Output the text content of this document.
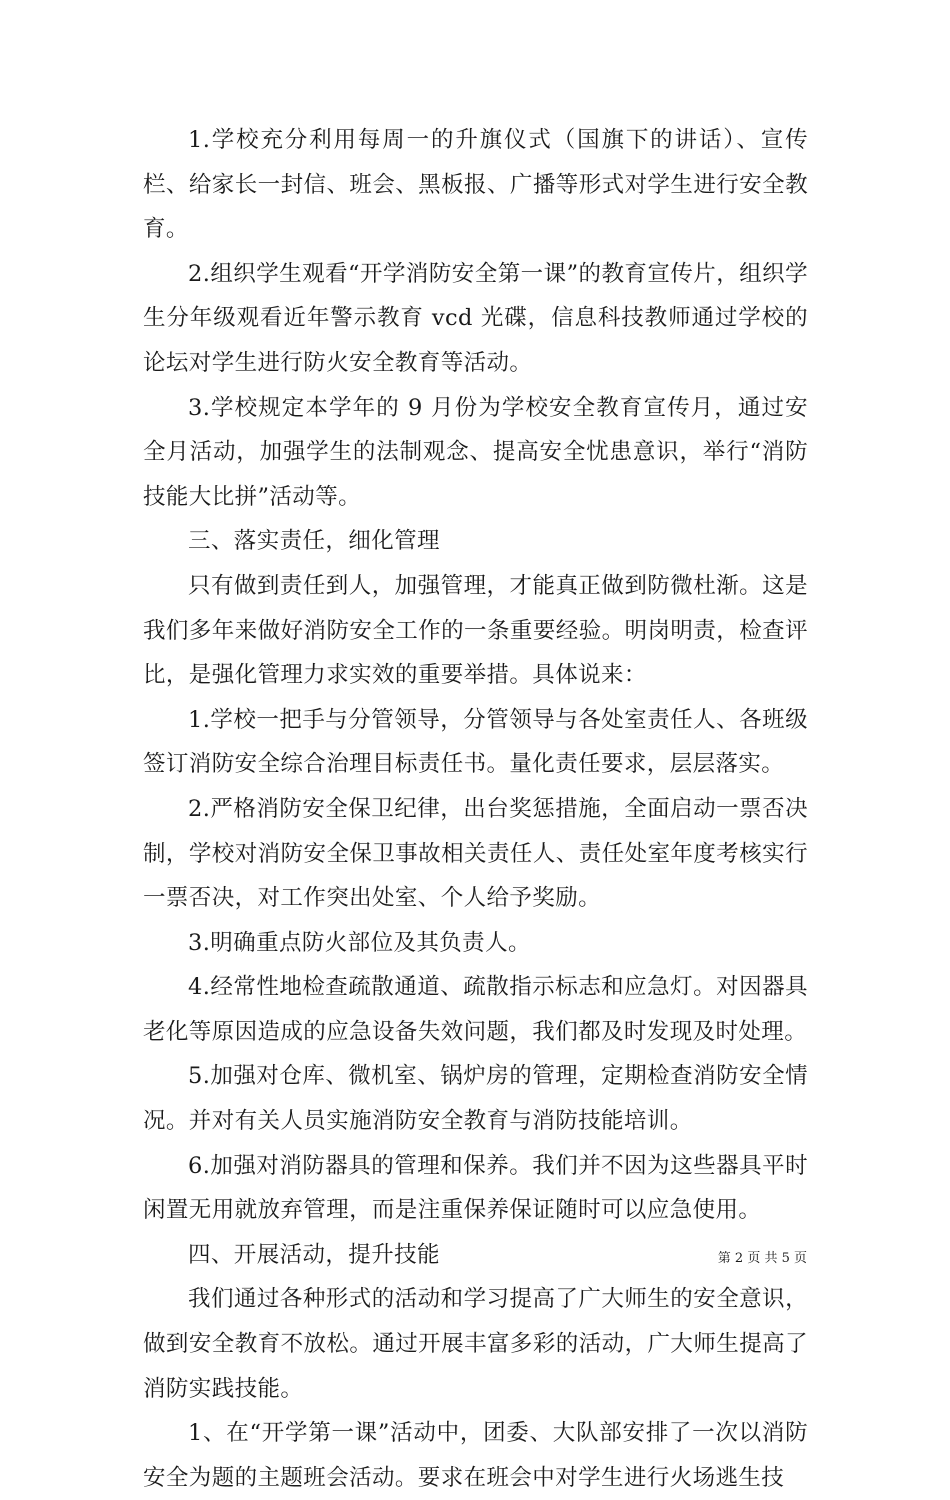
1.学校充分利用每周一的升旗仪式（国旗下的讲话）、宣传栏、给家长一封信、班会、黑板报、广播等形式对学生进行安全教育。

2.组织学生观看“开学消防安全第一课”的教育宣传片，组织学生分年级观看近年警示教育 vcd 光碟，信息科技教师通过学校的论坛对学生进行防火安全教育等活动。

3.学校规定本学年的 9 月份为学校安全教育宣传月，通过安全月活动，加强学生的法制观念、提高安全忧患意识，举行“消防技能大比拼”活动等。

三、落实责任，细化管理

只有做到责任到人，加强管理，才能真正做到防微杜渐。这是我们多年来做好消防安全工作的一条重要经验。明岗明责，检查评比，是强化管理力求实效的重要举措。具体说来：

1.学校一把手与分管领导，分管领导与各处室责任人、各班级签订消防安全综合治理目标责任书。量化责任要求，层层落实。

2.严格消防安全保卫纪律，出台奖惩措施，全面启动一票否决制，学校对消防安全保卫事故相关责任人、责任处室年度考核实行一票否决，对工作突出处室、个人给予奖励。

3.明确重点防火部位及其负责人。

4.经常性地检查疏散通道、疏散指示标志和应急灯。对因器具老化等原因造成的应急设备失效问题，我们都及时发现及时处理。

5.加强对仓库、微机室、锅炉房的管理，定期检查消防安全情况。并对有关人员实施消防安全教育与消防技能培训。

6.加强对消防器具的管理和保养。我们并不因为这些器具平时闲置无用就放弃管理，而是注重保养保证随时可以应急使用。

四、开展活动，提升技能

我们通过各种形式的活动和学习提高了广大师生的安全意识，做到安全教育不放松。通过开展丰富多彩的活动，广大师生提高了消防实践技能。

1、在“开学第一课”活动中，团委、大队部安排了一次以消防安全为题的主题班会活动。要求在班会中对学生进行火场逃生技

第 2 页 共 5 页
